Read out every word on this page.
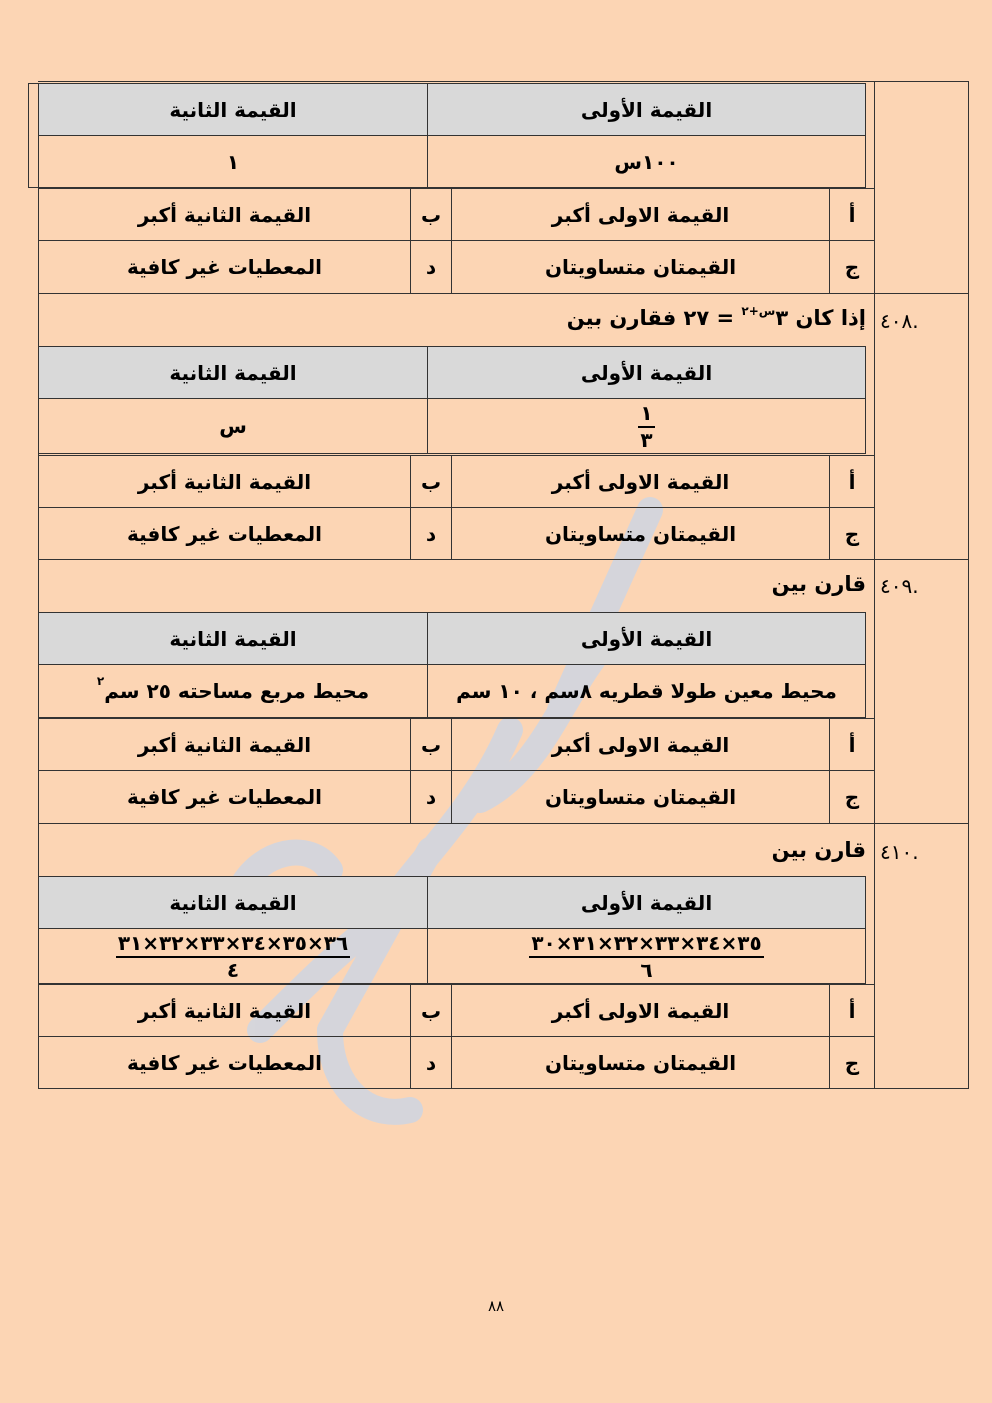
القيمة الأولى
القيمة الثانية
١٠٠س
١
أ
القيمة الاولى أكبر
ب
القيمة الثانية أكبر
ج
القيمتان متساويتان
د
المعطيات غير كافية
٤٠٨.
إذا كان $٣^{س+٢}$ = ٢٧ فقارن بين
القيمة الأولى
القيمة الثانية
$\frac{١}{٣}$
س
أ
القيمة الاولى أكبر
ب
القيمة الثانية أكبر
ج
القيمتان متساويتان
د
المعطيات غير كافية
٤٠٩.
قارن بين
القيمة الأولى
القيمة الثانية
محيط معين طولا قطريه ٨سم ، ١٠ سم
محيط مربع مساحته ٢٥ سم
٢
أ
القيمة الاولى أكبر
ب
القيمة الثانية أكبر
ج
القيمتان متساويتان
د
المعطيات غير كافية
٤١٠.
قارن بين
القيمة الأولى
القيمة الثانية
$\frac{٣٥\times ٣٤\times ٣٣\times ٣٢\times ٣١\times ٣٠}{٦}$
$\frac{٣٦\times ٣٥\times ٣٤\times ٣٣\times ٣٢\times ٣١}{٤}$
أ
القيمة الاولى أكبر
ب
القيمة الثانية أكبر
ج
القيمتان متساويتان
د
المعطيات غير كافية
٨٨
